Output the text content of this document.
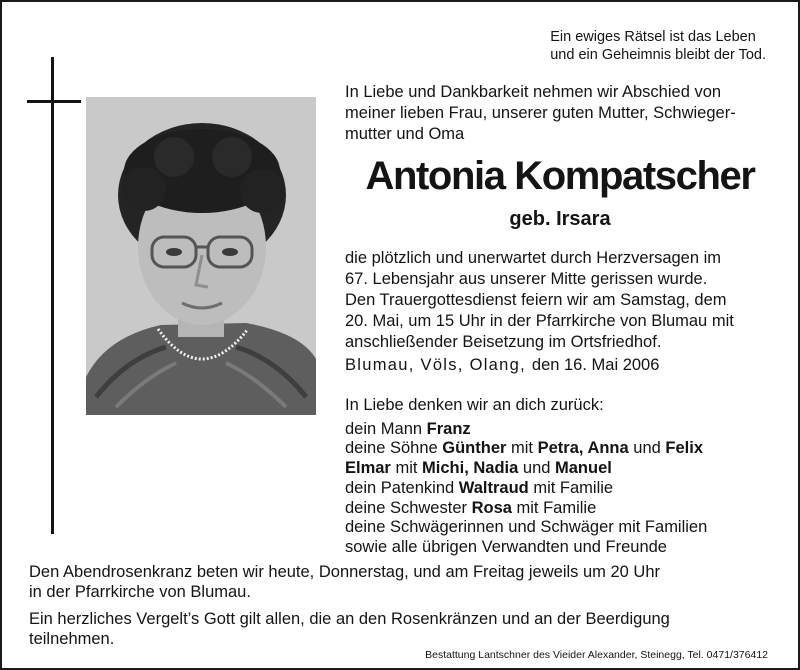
Ein ewiges Rätsel ist das Leben
und ein Geheimnis bleibt der Tod.
In Liebe und Dankbarkeit nehmen wir Abschied von
meiner lieben Frau, unserer guten Mutter, Schwieger-
mutter und Oma
Antonia Kompatscher
geb. Irsara
die plötzlich und unerwartet durch Herzversagen im
67. Lebensjahr aus unserer Mitte gerissen wurde.
Den Trauergottesdienst feiern wir am Samstag, dem
20. Mai, um 15 Uhr in der Pfarrkirche von Blumau mit
anschließender Beisetzung im Ortsfriedhof.
Blumau, Völs, Olang, den 16. Mai 2006
In Liebe denken wir an dich zurück:
dein Mann Franz
deine Söhne Günther mit Petra, Anna und Felix
Elmar mit Michi, Nadia und Manuel
dein Patenkind Waltraud mit Familie
deine Schwester Rosa mit Familie
deine Schwägerinnen und Schwäger mit Familien
sowie alle übrigen Verwandten und Freunde

Den Abendrosenkranz beten wir heute, Donnerstag, und am Freitag jeweils um 20 Uhr
in der Pfarrkirche von Blumau.

Ein herzliches Vergelt’s Gott gilt allen, die an den Rosenkränzen und an der Beerdigung
teilnehmen.

Bestattung Lantschner des Vieider Alexander, Steinegg, Tel. 0471/376412
